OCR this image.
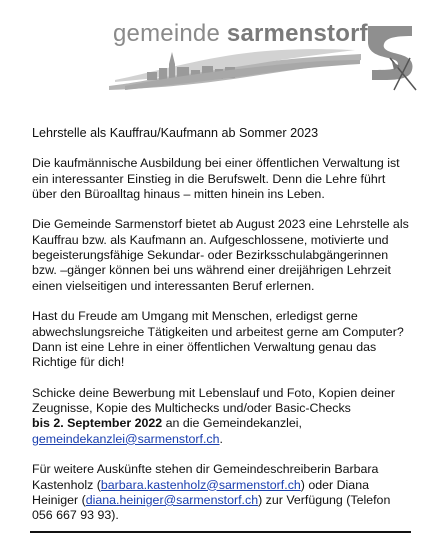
gemeinde sarmenstorf

Lehrstelle als Kauffrau/Kaufmann ab Sommer 2023

Die kaufmännische Ausbildung bei einer öffentlichen Verwaltung ist ein interessanter Einstieg in die Berufswelt. Denn die Lehre führt über den Büroalltag hinaus – mitten hinein ins Leben.

Die Gemeinde Sarmenstorf bietet ab August 2023 eine Lehrstelle als Kauffrau bzw. als Kaufmann an. Aufgeschlossene, motivierte und begeisterungsfähige Sekundar- oder Bezirksschulabgängerinnen bzw. –gänger können bei uns während einer dreijährigen Lehrzeit einen vielseitigen und interessanten Beruf erlernen.

Hast du Freude am Umgang mit Menschen, erledigst gerne abwechslungsreiche Tätigkeiten und arbeitest gerne am Computer? Dann ist eine Lehre in einer öffentlichen Verwaltung genau das Richtige für dich!

Schicke deine Bewerbung mit Lebenslauf und Foto, Kopien deiner Zeugnisse, Kopie des Multichecks und/oder Basic-Checks
bis 2. September 2022 an die Gemeindekanzlei,
gemeindekanzlei@sarmenstorf.ch.

Für weitere Auskünfte stehen dir Gemeindeschreiberin Barbara Kastenholz (barbara.kastenholz@sarmenstorf.ch) oder Diana Heiniger (diana.heiniger@sarmenstorf.ch) zur Verfügung (Telefon 056 667 93 93).
